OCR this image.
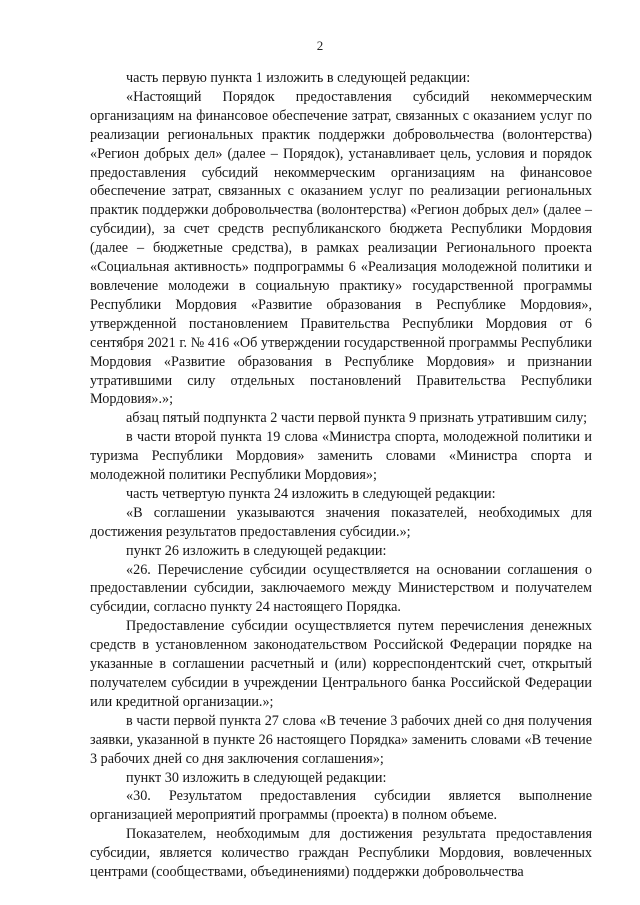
2

часть первую пункта 1 изложить в следующей редакции:

«Настоящий Порядок предоставления субсидий некоммерческим организациям на финансовое обеспечение затрат, связанных с оказанием услуг по реализации региональных практик поддержки добровольчества (волонтерства) «Регион добрых дел» (далее – Порядок), устанавливает цель, условия и порядок предоставления субсидий некоммерческим организациям на финансовое обеспечение затрат, связанных с оказанием услуг по реализации региональных практик поддержки добровольчества (волонтерства) «Регион добрых дел» (далее – субсидии), за счет средств республиканского бюджета Республики Мордовия (далее – бюджетные средства), в рамках реализации Регионального проекта «Социальная активность» подпрограммы 6 «Реализация молодежной политики и вовлечение молодежи в социальную практику» государственной программы Республики Мордовия «Развитие образования в Республике Мордовия», утвержденной постановлением Правительства Республики Мордовия от 6 сентября 2021 г. № 416 «Об утверждении государственной программы Республики Мордовия «Развитие образования в Республике Мордовия» и признании утратившими силу отдельных постановлений Правительства Республики Мордовия».»;

абзац пятый подпункта 2 части первой пункта 9 признать утратившим силу;

в части второй пункта 19 слова «Министра спорта, молодежной политики и туризма Республики Мордовия» заменить словами «Министра спорта и молодежной политики Республики Мордовия»;

часть четвертую пункта 24 изложить в следующей редакции:

«В соглашении указываются значения показателей, необходимых для достижения результатов предоставления субсидии.»;

пункт 26 изложить в следующей редакции:

«26. Перечисление субсидии осуществляется на основании соглашения о предоставлении субсидии, заключаемого между Министерством и получателем субсидии, согласно пункту 24 настоящего Порядка.

Предоставление субсидии осуществляется путем перечисления денежных средств в установленном законодательством Российской Федерации порядке на указанные в соглашении расчетный и (или) корреспондентский счет, открытый получателем субсидии в учреждении Центрального банка Российской Федерации или кредитной организации.»;

в части первой пункта 27 слова «В течение 3 рабочих дней со дня получения заявки, указанной в пункте 26 настоящего Порядка» заменить словами «В течение 3 рабочих дней со дня заключения соглашения»;

пункт 30 изложить в следующей редакции:

«30. Результатом предоставления субсидии является выполнение организацией мероприятий программы (проекта) в полном объеме.

Показателем, необходимым для достижения результата предоставления субсидии, является количество граждан Республики Мордовия, вовлеченных центрами (сообществами, объединениями) поддержки добровольчества
